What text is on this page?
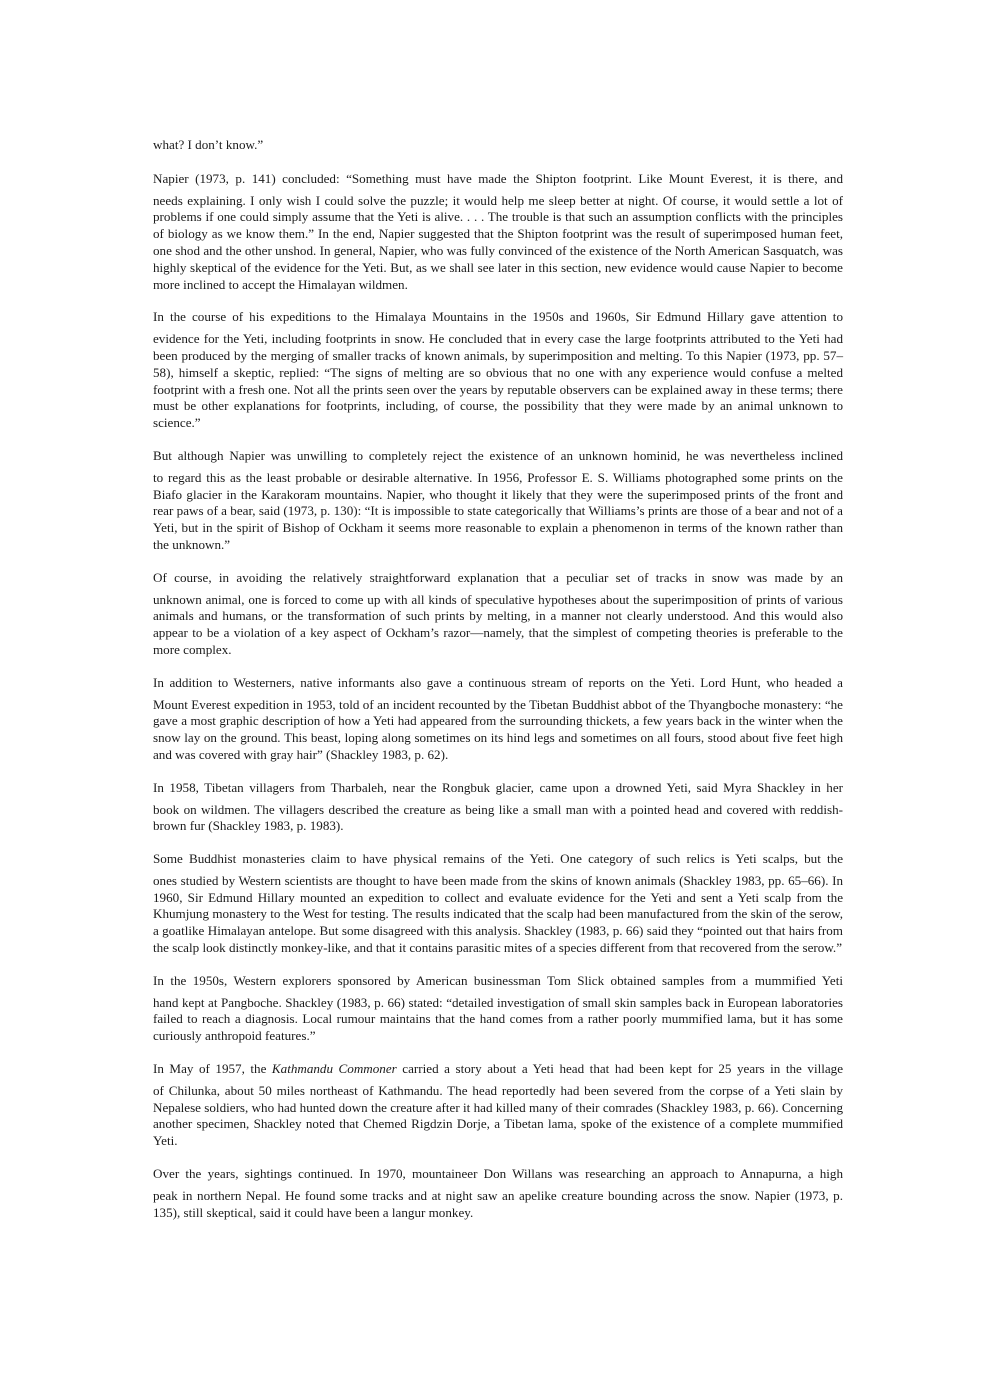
what? I don’t know.”

Napier (1973, p. 141) concluded: “Something must have made the Shipton footprint. Like Mount Everest, it is there, and
needs explaining. I only wish I could solve the puzzle; it would help me sleep better at night. Of course, it would settle a lot of problems if one could simply assume that the Yeti is alive. . . . The trouble is that such an assumption conflicts with the principles of biology as we know them.” In the end, Napier suggested that the Shipton footprint was the result of superimposed human feet, one shod and the other unshod. In general, Napier, who was fully convinced of the existence of the North American Sasquatch, was highly skeptical of the evidence for the Yeti. But, as we shall see later in this section, new evidence would cause Napier to become more inclined to accept the Himalayan wildmen.
In the course of his expeditions to the Himalaya Mountains in the 1950s and 1960s, Sir Edmund Hillary gave attention to
evidence for the Yeti, including footprints in snow. He concluded that in every case the large footprints attributed to the Yeti had been produced by the merging of smaller tracks of known animals, by superimposition and melting. To this Napier (1973, pp. 57– 58), himself a skeptic, replied: “The signs of melting are so obvious that no one with any experience would confuse a melted footprint with a fresh one. Not all the prints seen over the years by reputable observers can be explained away in these terms; there must be other explanations for footprints, including, of course, the possibility that they were made by an animal unknown to science.”
But although Napier was unwilling to completely reject the existence of an unknown hominid, he was nevertheless inclined
to regard this as the least probable or desirable alternative. In 1956, Professor E. S. Williams photographed some prints on the Biafo glacier in the Karakoram mountains. Napier, who thought it likely that they were the superimposed prints of the front and rear paws of a bear, said (1973, p. 130): “It is impossible to state categorically that Williams’s prints are those of a bear and not of a Yeti, but in the spirit of Bishop of Ockham it seems more reasonable to explain a phenomenon in terms of the known rather than the unknown.”
Of course, in avoiding the relatively straightforward explanation that a peculiar set of tracks in snow was made by an
unknown animal, one is forced to come up with all kinds of speculative hypotheses about the superimposition of prints of various animals and humans, or the transformation of such prints by melting, in a manner not clearly understood. And this would also appear to be a violation of a key aspect of Ockham’s razor—namely, that the simplest of competing theories is preferable to the more complex.
In addition to Westerners, native informants also gave a continuous stream of reports on the Yeti. Lord Hunt, who headed a
Mount Everest expedition in 1953, told of an incident recounted by the Tibetan Buddhist abbot of the Thyangboche monastery: “he gave a most graphic description of how a Yeti had appeared from the surrounding thickets, a few years back in the winter when the snow lay on the ground. This beast, loping along sometimes on its hind legs and sometimes on all fours, stood about five feet high and was covered with gray hair” (Shackley 1983, p. 62).
In 1958, Tibetan villagers from Tharbaleh, near the Rongbuk glacier, came upon a drowned Yeti, said Myra Shackley in her
book on wildmen. The villagers described the creature as being like a small man with a pointed head and covered with reddish-brown fur (Shackley 1983, p. 1983).
Some Buddhist monasteries claim to have physical remains of the Yeti. One category of such relics is Yeti scalps, but the
ones studied by Western scientists are thought to have been made from the skins of known animals (Shackley 1983, pp. 65–66). In 1960, Sir Edmund Hillary mounted an expedition to collect and evaluate evidence for the Yeti and sent a Yeti scalp from the Khumjung monastery to the West for testing. The results indicated that the scalp had been manufactured from the skin of the serow, a goatlike Himalayan antelope. But some disagreed with this analysis. Shackley (1983, p. 66) said they “pointed out that hairs from the scalp look distinctly monkey-like, and that it contains parasitic mites of a species different from that recovered from the serow.”
In the 1950s, Western explorers sponsored by American businessman Tom Slick obtained samples from a mummified Yeti
hand kept at Pangboche. Shackley (1983, p. 66) stated: “detailed investigation of small skin samples back in European laboratories failed to reach a diagnosis. Local rumour maintains that the hand comes from a rather poorly mummified lama, but it has some curiously anthropoid features.”
In May of 1957, the Kathmandu Commoner carried a story about a Yeti head that had been kept for 25 years in the village
of Chilunka, about 50 miles northeast of Kathmandu. The head reportedly had been severed from the corpse of a Yeti slain by Nepalese soldiers, who had hunted down the creature after it had killed many of their comrades (Shackley 1983, p. 66). Concerning another specimen, Shackley noted that Chemed Rigdzin Dorje, a Tibetan lama, spoke of the existence of a complete mummified Yeti.
Over the years, sightings continued. In 1970, mountaineer Don Willans was researching an approach to Annapurna, a high
peak in northern Nepal. He found some tracks and at night saw an apelike creature bounding across the snow. Napier (1973, p. 135), still skeptical, said it could have been a langur monkey.
